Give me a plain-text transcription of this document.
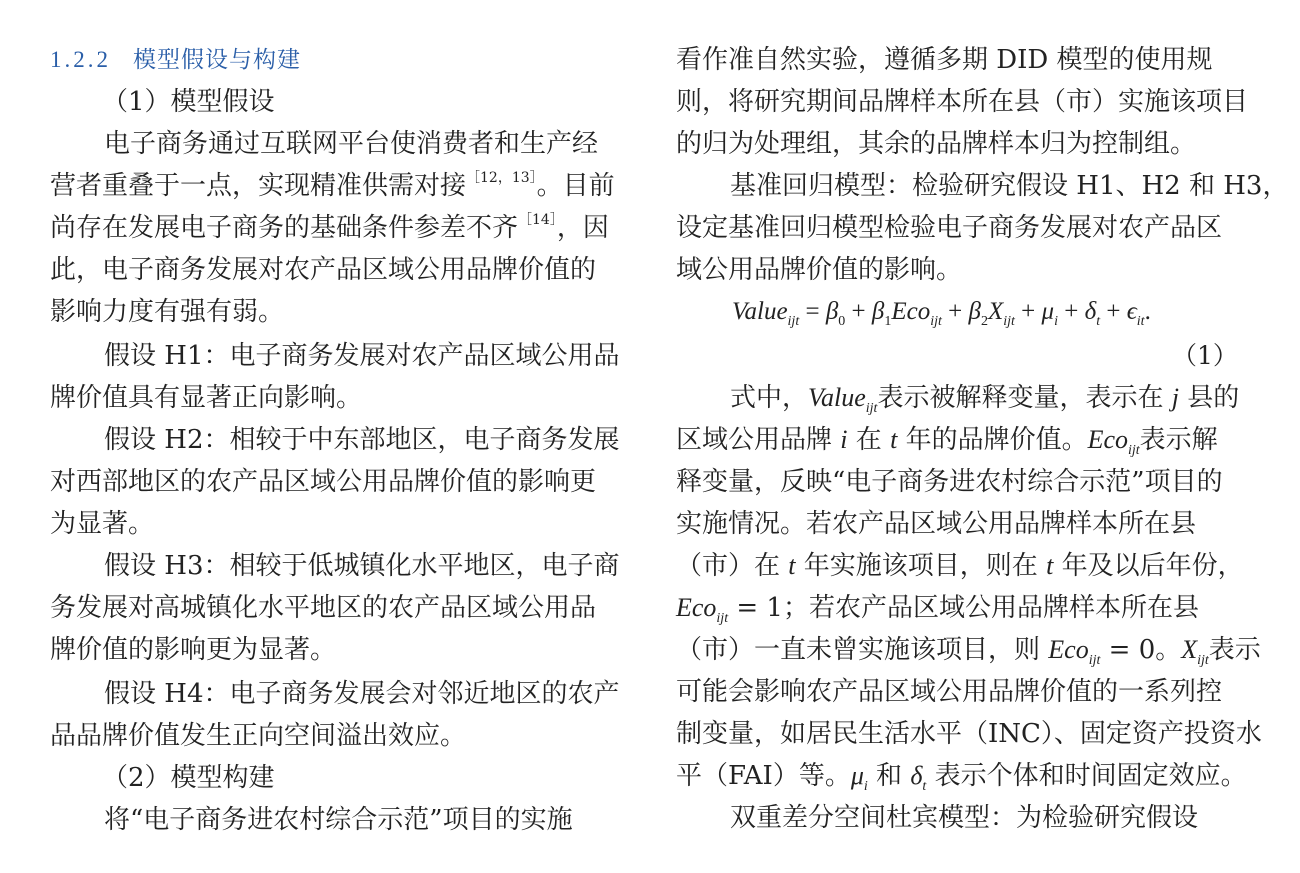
1.2.2 模型假设与构建
（1）模型假设
电子商务通过互联网平台使消费者和生产经
营者重叠于一点，实现精准供需对接$^{[12,13]}$。目前
尚存在发展电子商务的基础条件参差不齐$^{[14]}$，因
此，电子商务发展对农产品区域公用品牌价值的
影响力度有强有弱。
假设 H1：电子商务发展对农产品区域公用品
牌价值具有显著正向影响。
假设 H2：相较于中东部地区，电子商务发展
对西部地区的农产品区域公用品牌价值的影响更
为显著。
假设 H3：相较于低城镇化水平地区，电子商
务发展对高城镇化水平地区的农产品区域公用品
牌价值的影响更为显著。
假设 H4：电子商务发展会对邻近地区的农产
品品牌价值发生正向空间溢出效应。
（2）模型构建
将“电子商务进农村综合示范”项目的实施
看作准自然实验，遵循多期 DID 模型的使用规
则，将研究期间品牌样本所在县（市）实施该项目
的归为处理组，其余的品牌样本归为控制组。
基准回归模型：检验研究假设 H1、H2 和 H3，
设定基准回归模型检验电子商务发展对农产品区
域公用品牌价值的影响。
Value$_{ijt}$ = $\beta_0 + \beta_1Eco_{ijt} + \beta_2X_{ijt} + \mu_i + \delta_t + \epsilon_{it}$.
（1）
式中，Value$_{ijt}$表示被解释变量，表示在 j 县的
区域公用品牌 i 在 t 年的品牌价值。Eco$_{ijt}$表示解
释变量，反映“电子商务进农村综合示范”项目的
实施情况。若农产品区域公用品牌样本所在县
（市）在 t 年实施该项目，则在 t 年及以后年份，
Eco$_{ijt}$ = 1；若农产品区域公用品牌样本所在县
（市）一直未曾实施该项目，则 Eco$_{ijt}$ = 0。$X_{ijt}$表示
可能会影响农产品区域公用品牌价值的一系列控
制变量，如居民生活水平（INC）、固定资产投资水
平（FAI）等。$\mu_i$ 和 $\delta_t$ 表示个体和时间固定效应。
双重差分空间杜宾模型：为检验研究假设
